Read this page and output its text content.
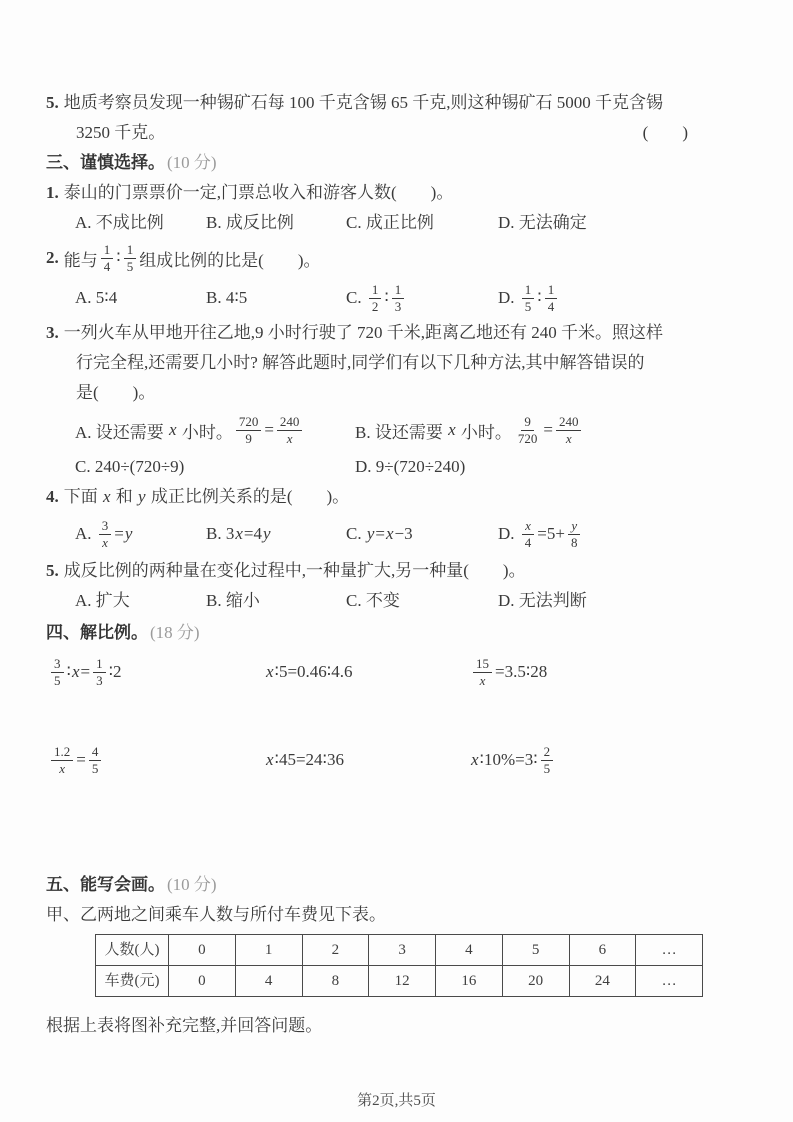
5. 地质考察员发现一种锡矿石每 100 千克含锡 65 千克,则这种锡矿石 5000 千克含锡
3250 千克。	(　　)
三、谨慎选择。 (10 分)
1. 泰山的门票票价一定,门票总收入和游客人数(　　)。
A. 不成比例	B. 成反比例	C. 成正比例	D. 无法确定
2. 能与 $\frac{1}{4}$ ∶ $\frac{1}{5}$ 组成比例的比是(　　)。
A. 5∶4	B. 4∶5	C. $\frac{1}{2}$ ∶ $\frac{1}{3}$	D. $\frac{1}{5}$ ∶ $\frac{1}{4}$
3. 一列火车从甲地开往乙地,9 小时行驶了 720 千米,距离乙地还有 240 千米。照这样
行完全程,还需要几小时? 解答此题时,同学们有以下几种方法,其中解答错误的
是(　　)。
A. 设还需要 x 小时。 $\frac{720}{9} = \frac{240}{x}$	B. 设还需要 x 小时。 $\frac{9}{720} = \frac{240}{x}$
C. 240÷(720÷9)	D. 9÷(720÷240)
4. 下面 x 和 y 成正比例关系的是(　　)。
A. $\frac{3}{x} = y$	B. 3 x =4 y	C. y = x −3	D. $\frac{x}{4} =5+ \frac{y}{8}$
5. 成反比例的两种量在变化过程中,一种量扩大,另一种量(　　)。
A. 扩大	B. 缩小	C. 不变	D. 无法判断
四、解比例。 (18 分)
$\frac{3}{5}$ ∶ $x = \frac{1}{3}$ ∶2	x ∶5=0.46∶4.6	$\frac{15}{x}$ =3.5∶28
$\frac{1.2}{x} = \frac{4}{5}$	x ∶45=24∶36	x ∶10%=3∶ $\frac{2}{5}$
五、能写会画。 (10 分)
甲、乙两地之间乘车人数与所付车费见下表。
人数(人)	0	1	2	3	4	5	6	…
车费(元)	0	4	8	12	16	20	24	…
根据上表将图补充完整,并回答问题。
第2页,共5页
